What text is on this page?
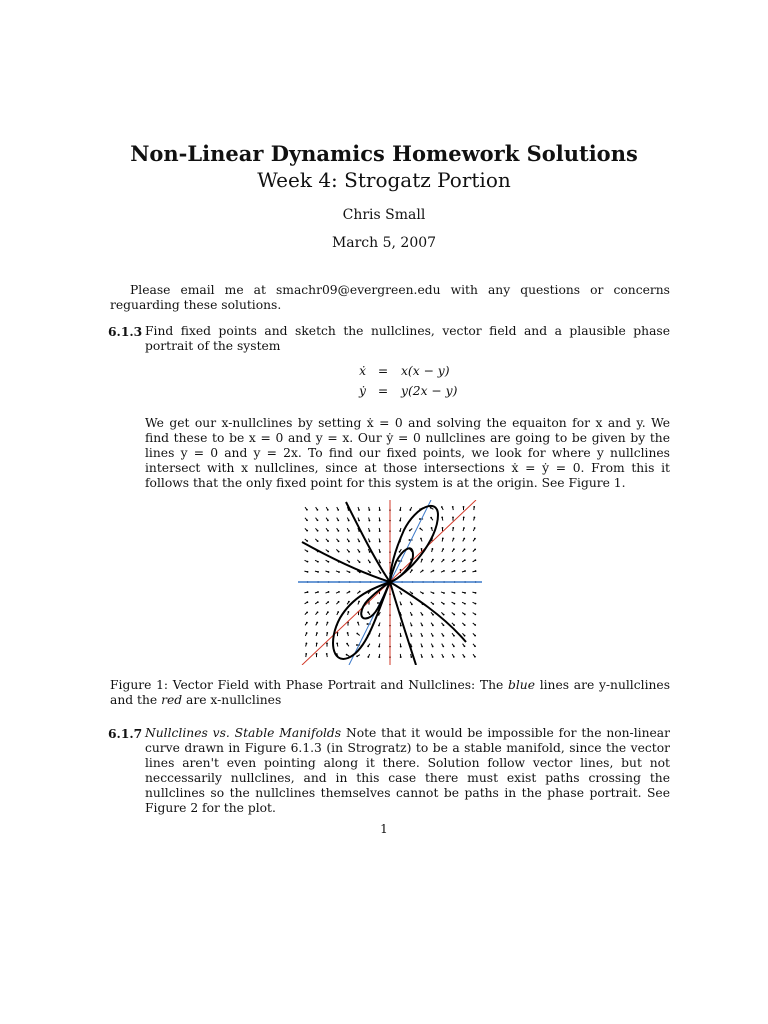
Non-Linear Dynamics Homework Solutions
Week 4: Strogatz Portion
Chris Small
March 5, 2007
Please email me at smachr09@evergreen.edu with any questions or concerns reguarding these solutions.
6.1.3 Find fixed points and sketch the nullclines, vector field and a plausible phase portrait of the system
ẋ = x(x − y)
ẏ = y(2x − y)
We get our x-nullclines by setting ẋ = 0 and solving the equaiton for x and y. We find these to be x = 0 and y = x. Our ẏ = 0 nullclines are going to be given by the lines y = 0 and y = 2x. To find our fixed points, we look for where y nullclines intersect with x nullclines, since at those intersections ẋ = ẏ = 0. From this it follows that the only fixed point for this system is at the origin. See Figure 1.
Figure 1: Vector Field with Phase Portrait and Nullclines: The blue lines are y-nullclines and the red are x-nullclines
6.1.7 Nullclines vs. Stable Manifolds Note that it would be impossible for the non-linear curve drawn in Figure 6.1.3 (in Strogratz) to be a stable manifold, since the vector lines aren't even pointing along it there. Solution follow vector lines, but not neccessarily nullclines, and in this case there must exist paths crossing the nullclines so the nullclines themselves cannot be paths in the phase portrait. See Figure 2 for the plot.
1
